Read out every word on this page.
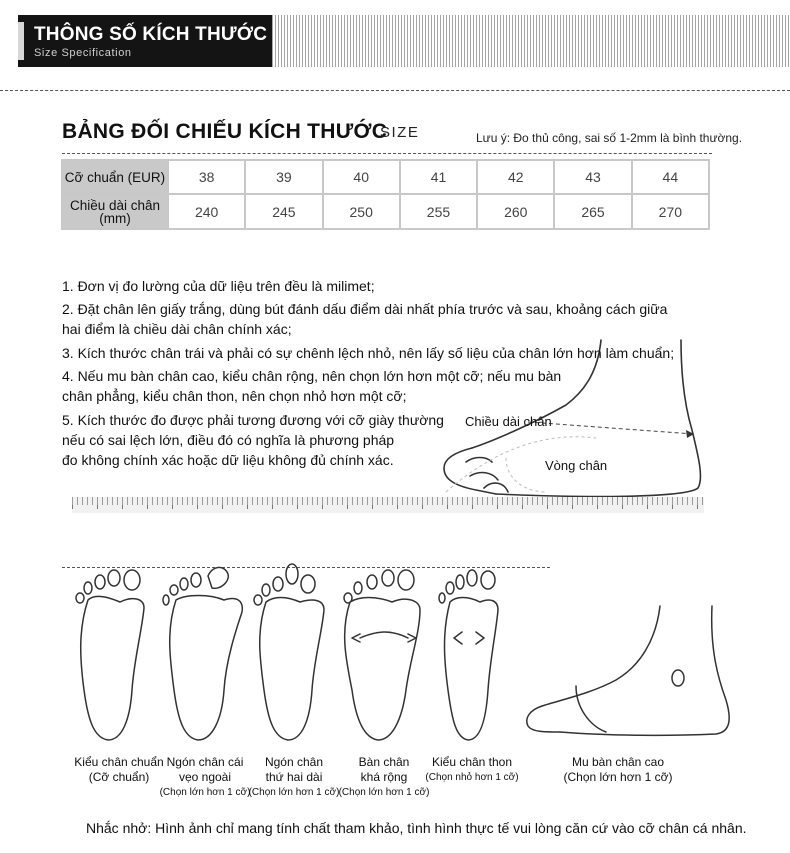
THÔNG SỐ KÍCH THƯỚC
Size Specification
BẢNG ĐỐI CHIẾU KÍCH THƯỚC
SIZE	Lưu ý: Đo thủ công, sai số 1-2mm là bình thường.
Cỡ chuẩn (EUR)	38	39	40	41	42	43	44
Chiều dài chân
(mm)	240	245	250	255	260	265	270
Chiều dài chân
Vòng chân
1. Đơn vị đo lường của dữ liệu trên đều là milimet;
2. Đặt chân lên giấy trắng, dùng bút đánh dấu điểm dài nhất phía trước và sau, khoảng cách giữa
hai điểm là chiều dài chân chính xác;
3. Kích thước chân trái và phải có sự chênh lệch nhỏ, nên lấy số liệu của chân lớn hơn làm chuẩn;
4. Nếu mu bàn chân cao, kiểu chân rộng, nên chọn lớn hơn một cỡ; nếu mu bàn
chân phẳng, kiểu chân thon, nên chọn nhỏ hơn một cỡ;
5. Kích thước đo được phải tương đương với cỡ giày thường
nếu có sai lệch lớn, điều đó có nghĩa là phương pháp
đo không chính xác hoặc dữ liệu không đủ chính xác.
Kiểu chân chuẩn
(Cỡ chuẩn)
Ngón chân cái
vẹo ngoài
(Chọn lớn hơn 1 cỡ)
Ngón chân
thứ hai dài
(Chọn lớn hơn 1 cỡ)
Bàn chân
khá rộng
(Chọn lớn hơn 1 cỡ)
Kiểu chân thon
(Chọn nhỏ hơn 1 cỡ)
Mu bàn chân cao
(Chọn lớn hơn 1 cỡ)
Nhắc nhở: Hình ảnh chỉ mang tính chất tham khảo, tình hình thực tế vui lòng căn cứ vào cỡ chân cá nhân.
